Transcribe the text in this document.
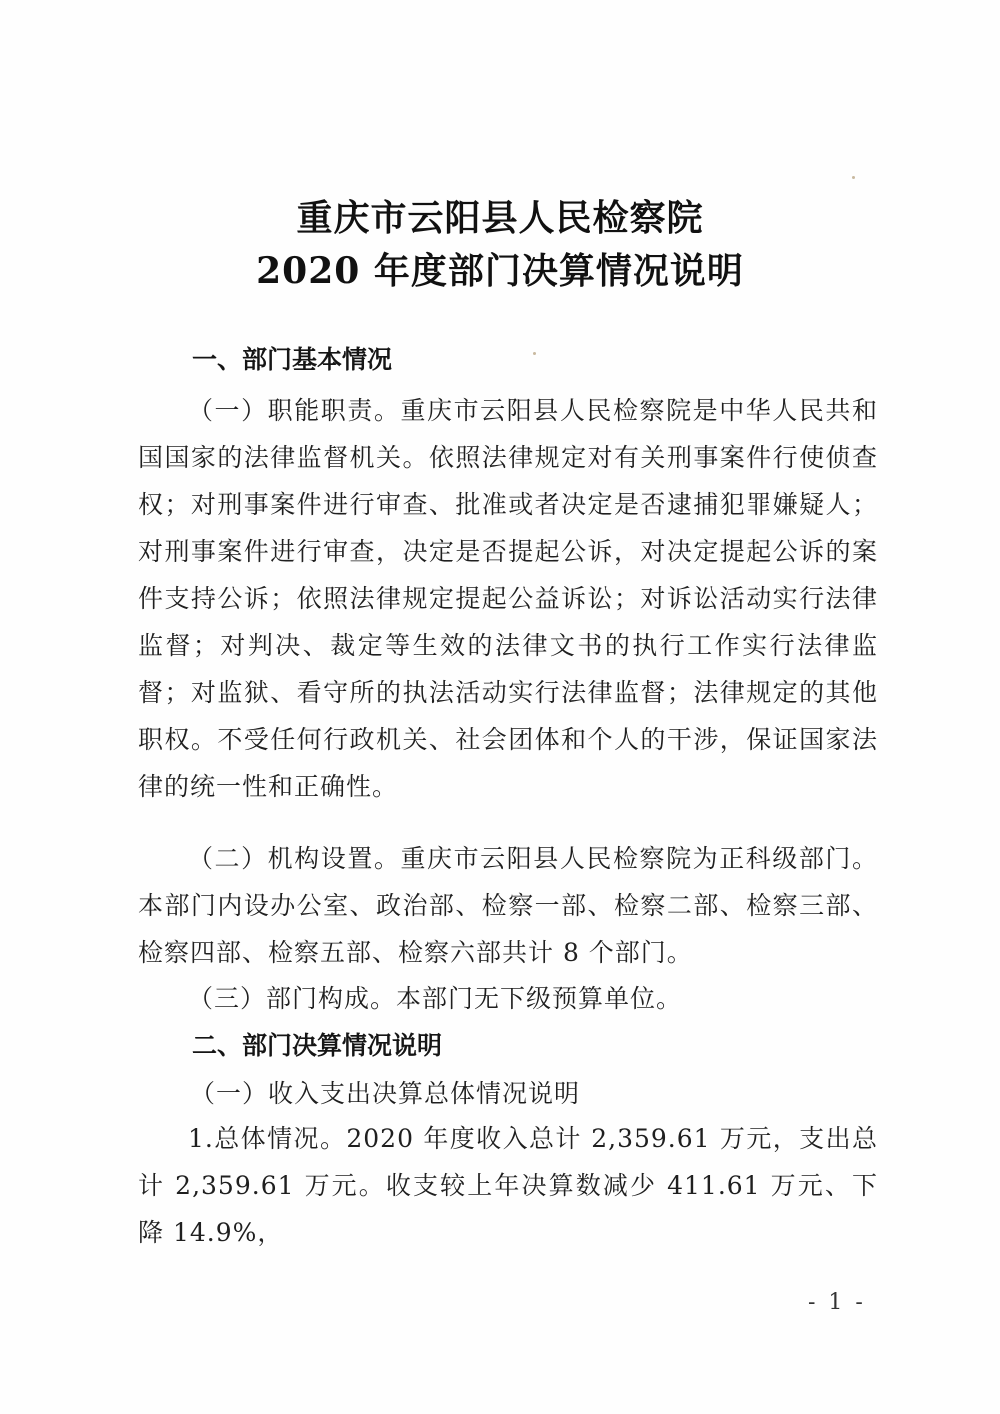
重庆市云阳县人民检察院
2020 年度部门决算情况说明
一、部门基本情况
（一）职能职责。重庆市云阳县人民检察院是中华人民共和国国家的法律监督机关。依照法律规定对有关刑事案件行使侦查权；对刑事案件进行审查、批准或者决定是否逮捕犯罪嫌疑人；对刑事案件进行审查，决定是否提起公诉，对决定提起公诉的案件支持公诉；依照法律规定提起公益诉讼；对诉讼活动实行法律监督；对判决、裁定等生效的法律文书的执行工作实行法律监督；对监狱、看守所的执法活动实行法律监督；法律规定的其他职权。不受任何行政机关、社会团体和个人的干涉，保证国家法律的统一性和正确性。
（二）机构设置。重庆市云阳县人民检察院为正科级部门。本部门内设办公室、政治部、检察一部、检察二部、检察三部、检察四部、检察五部、检察六部共计 8 个部门。
（三）部门构成。本部门无下级预算单位。
二、部门决算情况说明
（一）收入支出决算总体情况说明
1.总体情况。2020 年度收入总计 2,359.61 万元，支出总计 2,359.61 万元。收支较上年决算数减少 411.61 万元、下降 14.9%，
- 1 -
